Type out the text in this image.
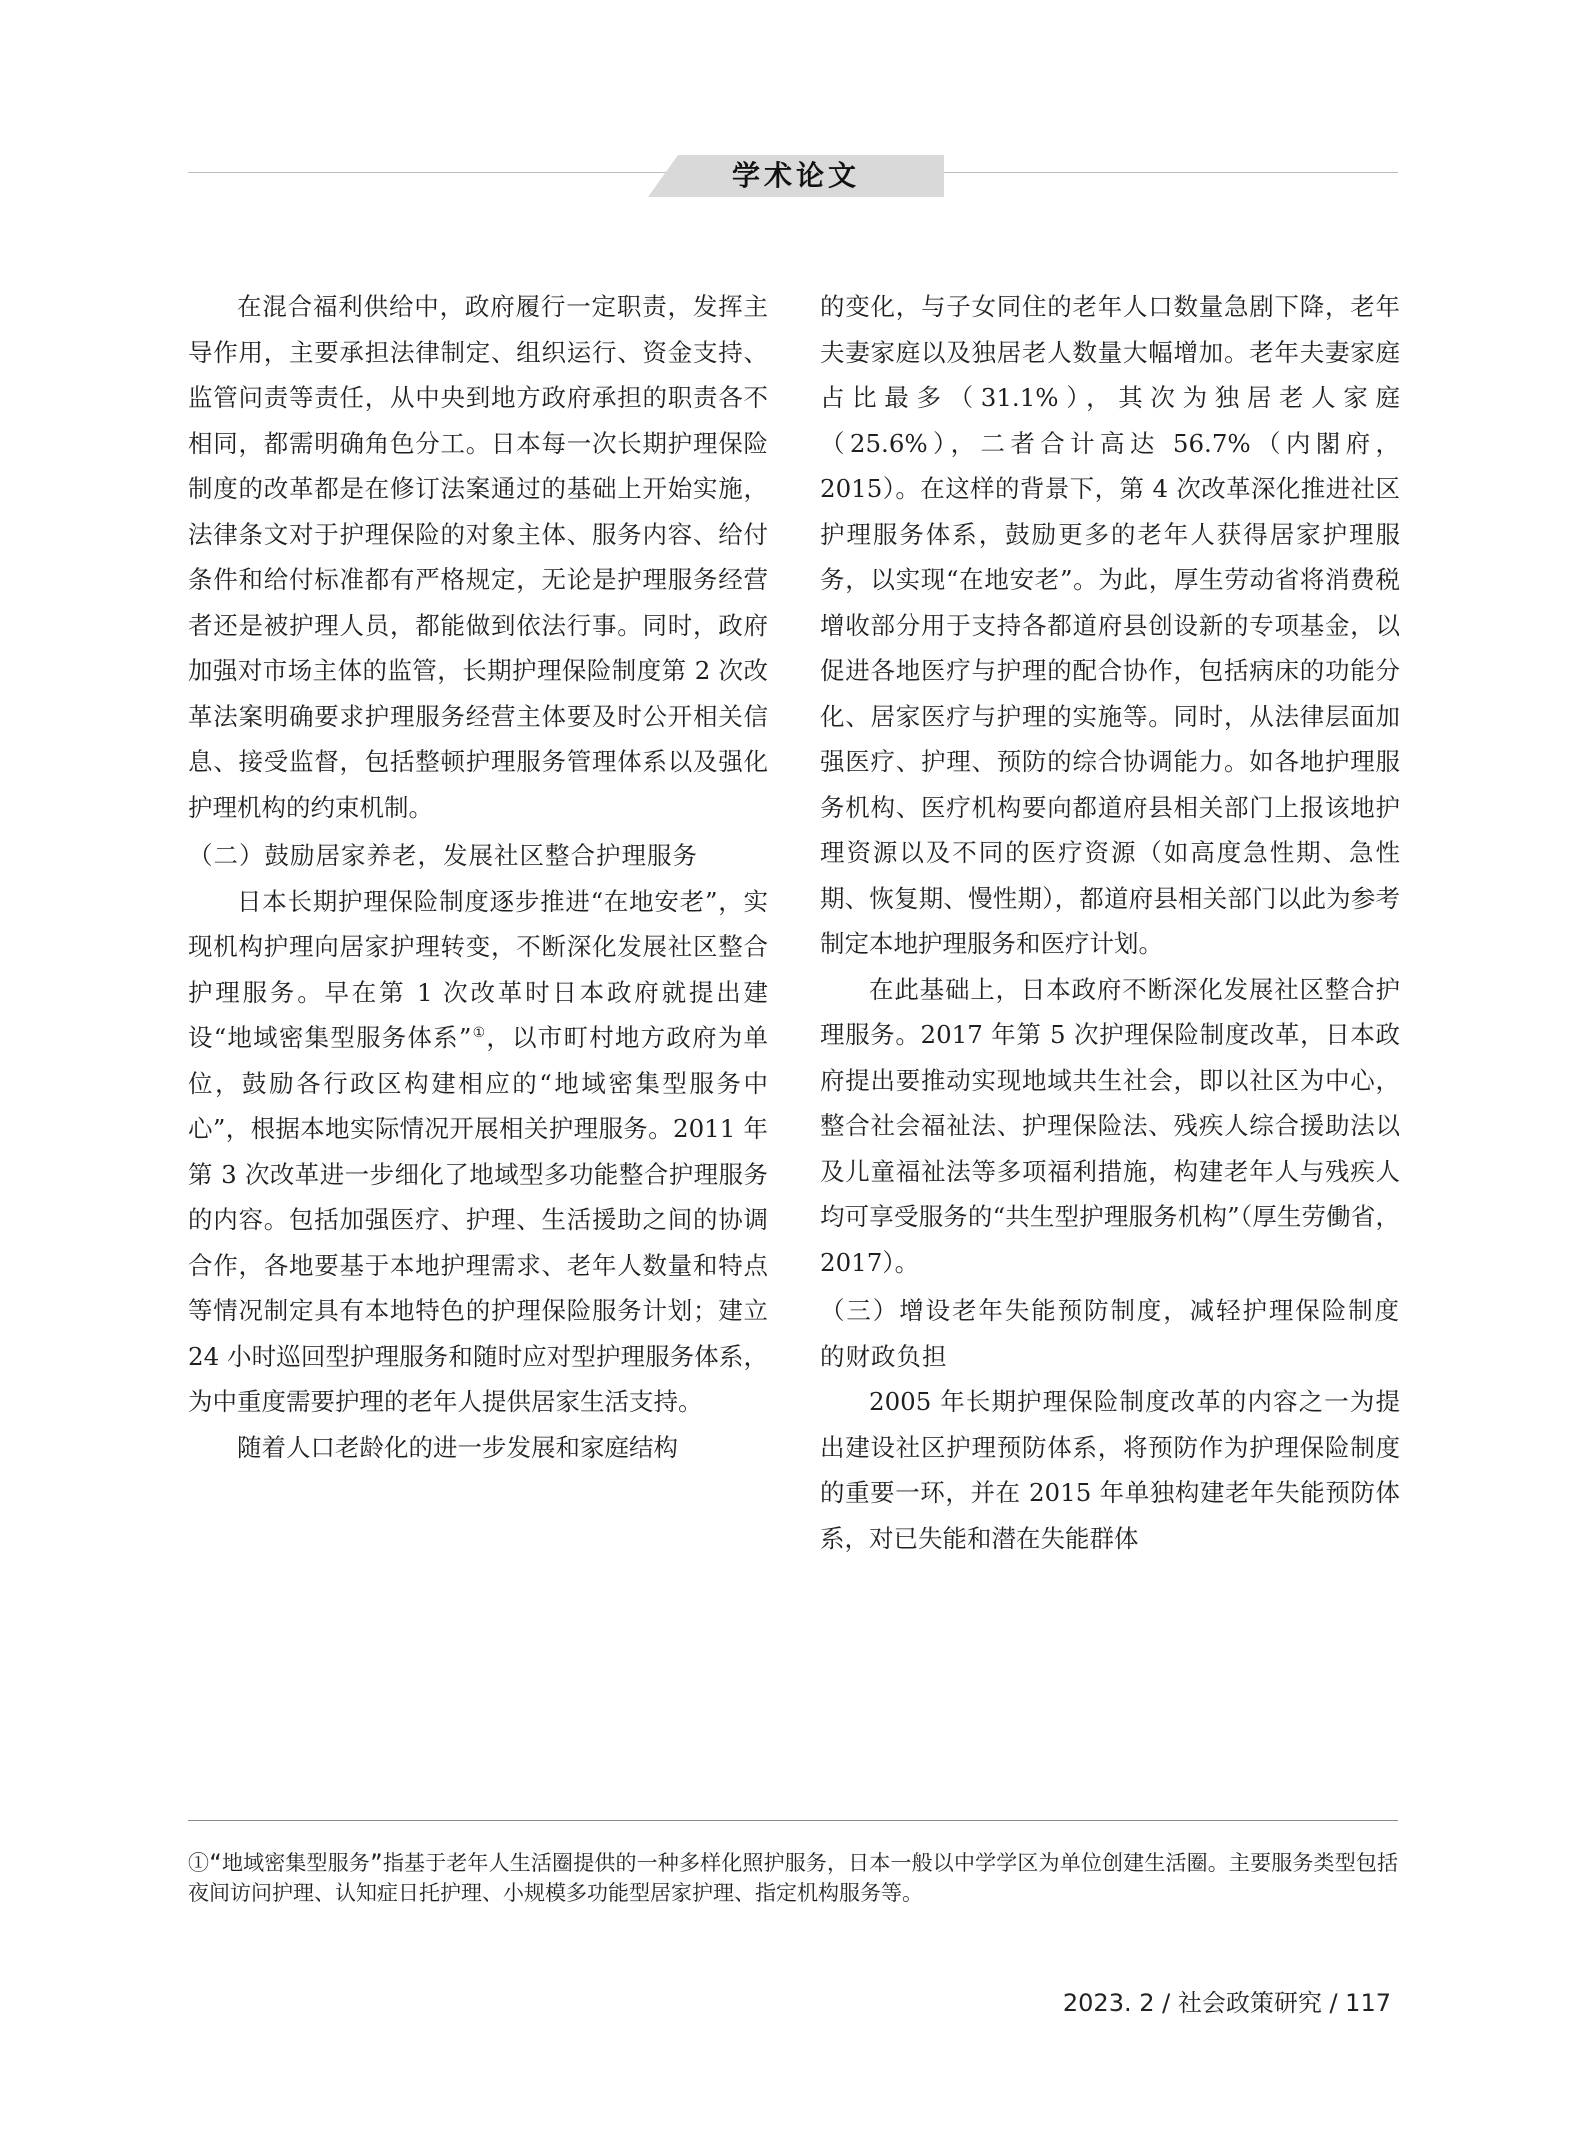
学术论文

在混合福利供给中，政府履行一定职责，发挥主导作用，主要承担法律制定、组织运行、资金支持、监管问责等责任，从中央到地方政府承担的职责各不相同，都需明确角色分工。日本每一次长期护理保险制度的改革都是在修订法案通过的基础上开始实施，法律条文对于护理保险的对象主体、服务内容、给付条件和给付标准都有严格规定，无论是护理服务经营者还是被护理人员，都能做到依法行事。同时，政府加强对市场主体的监管，长期护理保险制度第 2 次改革法案明确要求护理服务经营主体要及时公开相关信息、接受监督，包括整顿护理服务管理体系以及强化护理机构的约束机制。

（二）鼓励居家养老，发展社区整合护理服务

日本长期护理保险制度逐步推进“在地安老”，实现机构护理向居家护理转变，不断深化发展社区整合护理服务。早在第 1 次改革时日本政府就提出建设“地域密集型服务体系”①，以市町村地方政府为单位，鼓励各行政区构建相应的“地域密集型服务中心”，根据本地实际情况开展相关护理服务。2011 年第 3 次改革进一步细化了地域型多功能整合护理服务的内容。包括加强医疗、护理、生活援助之间的协调合作，各地要基于本地护理需求、老年人数量和特点等情况制定具有本地特色的护理保险服务计划；建立 24 小时巡回型护理服务和随时应对型护理服务体系，为中重度需要护理的老年人提供居家生活支持。

随着人口老龄化的进一步发展和家庭结构

的变化，与子女同住的老年人口数量急剧下降，老年夫妻家庭以及独居老人数量大幅增加。老年夫妻家庭占比最多（31.1%），其次为独居老人家庭（25.6%），二者合计高达 56.7%（内閣府，2015）。在这样的背景下，第 4 次改革深化推进社区护理服务体系，鼓励更多的老年人获得居家护理服务，以实现“在地安老”。为此，厚生劳动省将消费税增收部分用于支持各都道府县创设新的专项基金，以促进各地医疗与护理的配合协作，包括病床的功能分化、居家医疗与护理的实施等。同时，从法律层面加强医疗、护理、预防的综合协调能力。如各地护理服务机构、医疗机构要向都道府县相关部门上报该地护理资源以及不同的医疗资源（如高度急性期、急性期、恢复期、慢性期），都道府县相关部门以此为参考制定本地护理服务和医疗计划。

在此基础上，日本政府不断深化发展社区整合护理服务。2017 年第 5 次护理保险制度改革，日本政府提出要推动实现地域共生社会，即以社区为中心，整合社会福祉法、护理保险法、残疾人综合援助法以及儿童福祉法等多项福利措施，构建老年人与残疾人均可享受服务的“共生型护理服务机构”（厚生劳働省，2017）。

（三）增设老年失能预防制度，减轻护理保险制度的财政负担

2005 年长期护理保险制度改革的内容之一为提出建设社区护理预防体系，将预防作为护理保险制度的重要一环，并在 2015 年单独构建老年失能预防体系，对已失能和潜在失能群体

①“地域密集型服务”指基于老年人生活圈提供的一种多样化照护服务，日本一般以中学学区为单位创建生活圈。主要服务类型包括夜间访问护理、认知症日托护理、小规模多功能型居家护理、指定机构服务等。
2023. 2 / 社会政策研究 / 117
